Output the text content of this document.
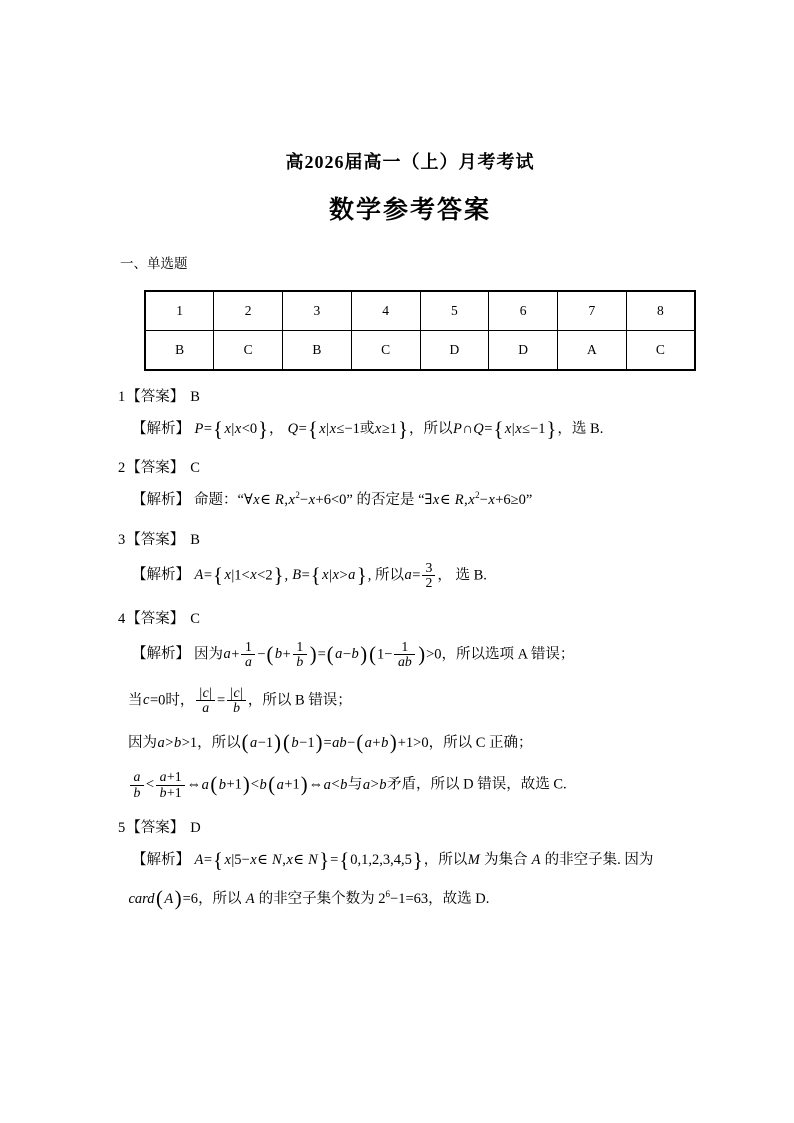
高2026届高一（上）月考考试
数学参考答案
一、单选题
1	2	3	4	5	6	7	8
B	C	B	C	D	D	A	C
1【答案】 B
【解析】 P={ x|x<0}， Q={ x|x≤−1或x≥1}，所以P∩Q={ x|x≤−1}，选 B.
2【答案】 C
【解析】 命题：“∀x∈ $R,x^2-x+6<0$” 的否定是 “∃x∈ $R,x^2-x+6\ge 0$”
3【答案】 B
【解析】 A={ x|1<x<2}, B={ x|x>a}, 所以$a= \frac{3}{2}$ ， 选 B.
4【答案】 C
【解析】 因为$a+ \frac{1}{a}$ −( $b+ \frac{1}{b}$ )=( $a-b)(1- \frac{1}{ab} )>0$，所以选项 A 错误；
当c=0时， $\frac{|c|}{a} = \frac{|c|}{b}$ ，所以 B 错误；
因为a>b>1，所以( a−1)( b−1)=ab−( a+b)+1>0，所以 C 正确；
$\frac{a}{b} < \frac{a+1}{b+1}$ ⇔a( b+1)<b( a+1)⇔a<b与a>b矛盾，所以 D 错误，故选 C.
5【答案】 D
【解析】 A={ x|5−x∈ N,x∈ N}={0,1,2,3,4,5}，所以M 为集合 A 的非空子集. 因为
card( A)=6，所以 A 的非空子集个数为 $2^6-1=63$，故选 D.
